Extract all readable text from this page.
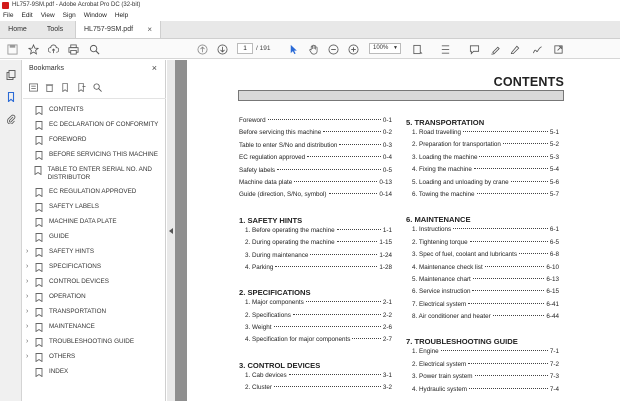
HL757-9SM.pdf - Adobe Acrobat Pro DC (32-bit)
File Edit View Sign Window Help
Home	Tools	HL757-9SM.pdf ×
1	/ 191	100% ▼
Bookmarks	×
CONTENTS
EC DECLARATION OF CONFORMITY
FOREWORD
BEFORE SERVICING THIS MACHINE
TABLE TO ENTER SERIAL NO. AND DISTRIBUTOR
EC REGULATION APPROVED
SAFETY LABELS
MACHINE DATA PLATE
GUIDE
›	SAFETY HINTS
›	SPECIFICATIONS
›	CONTROL DEVICES
›	OPERATION
›	TRANSPORTATION
›	MAINTENANCE
›	TROUBLESHOOTING GUIDE
›	OTHERS
INDEX
CONTENTS
Foreword	0-1
Before servicing this machine	0-2
Table to enter S/No and distribution	0-3
EC regulation approved	0-4
Safety labels	0-5
Machine data plate	0-13
Guide (direction, S/No, symbol)	0-14
1. SAFETY HINTS
1. Before operating the machine	1-1
2. During operating the machine	1-15
3. During maintenance	1-24
4. Parking	1-28
2. SPECIFICATIONS
1. Major components	2-1
2. Specifications	2-2
3. Weight	2-6
4. Specification for major components	2-7
3. CONTROL DEVICES
1. Cab devices	3-1
2. Cluster	3-2
5. TRANSPORTATION
1. Road travelling	5-1
2. Preparation for transportation	5-2
3. Loading the machine	5-3
4. Fixing the machine	5-4
5. Loading and unloading by crane	5-6
6. Towing the machine	5-7
6. MAINTENANCE
1. Instructions	6-1
2. Tightening torque	6-5
3. Spec of fuel, coolant and lubricants	6-8
4. Maintenance check list	6-10
5. Maintenance chart	6-13
6. Service instruction	6-15
7. Electrical system	6-41
8. Air conditioner and heater	6-44
7. TROUBLESHOOTING GUIDE
1. Engine	7-1
2. Electrical system	7-2
3. Power train system	7-3
4. Hydraulic system	7-4
